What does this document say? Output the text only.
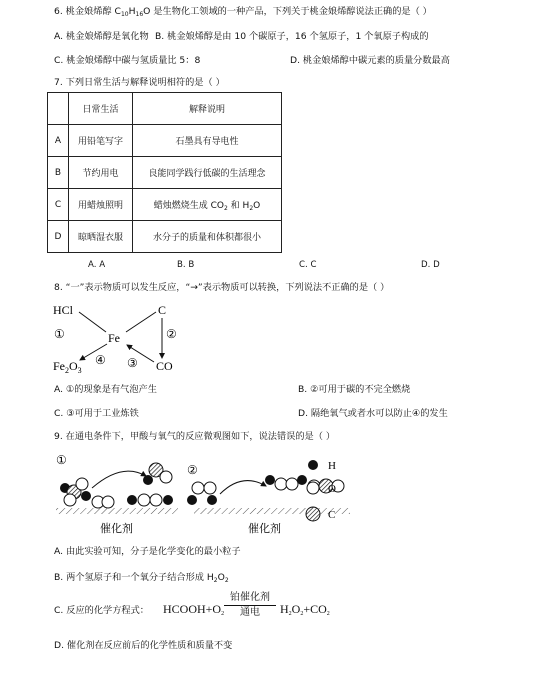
6. 桃金娘烯醇 $C_{10}H_{16}O$ 是生物化工领域的一种产品，下列关于桃金娘烯醇说法正确的是（ ）
A. 桃金娘烯醇是氧化物 B. 桃金娘烯醇是由 10 个碳原子，16 个氢原子，1 个氧原子构成的
C. 桃金娘烯醇中碳与氢质量比 5：8	D. 桃金娘烯醇中碳元素的质量分数最高
7. 下列日常生活与解释说明相符的是（ ）
	日常生活	解释说明
A	用铅笔写字	石墨具有导电性
B	节约用电	良能同学践行低碳的生活理念
C	用蜡烛照明	蜡烛燃烧生成 $CO_2$ 和 $H_2O$
D	晾晒湿衣服	水分子的质量和体积都很小
A. A	B. B	C. C	D. D
8. “一”表示物质可以发生反应，“→”表示物质可以转换，下列说法不正确的是（ ）
HCl	C
Fe
$Fe_2O_3$	CO
①	②
③
④
A. ①的现象是有气泡产生	B. ②可用于碳的不完全燃烧
C. ③可用于工业炼铁	D. 隔绝氧气或者水可以防止④的发生
9. 在通电条件下，甲酸与氧气的反应微观图如下，说法错误的是（ ）
①
②
催化剂	催化剂
H
O
C
A. 由此实验可知，分子是化学变化的最小粒子
B. 两个氢原子和一个氧分子结合形成 $H_2O_2$
C. 反应的化学方程式： $HCOOH+O_2$
铂催化剂
通电	$H_2O_2+CO_2$
D. 催化剂在反应前后的化学性质和质量不变
